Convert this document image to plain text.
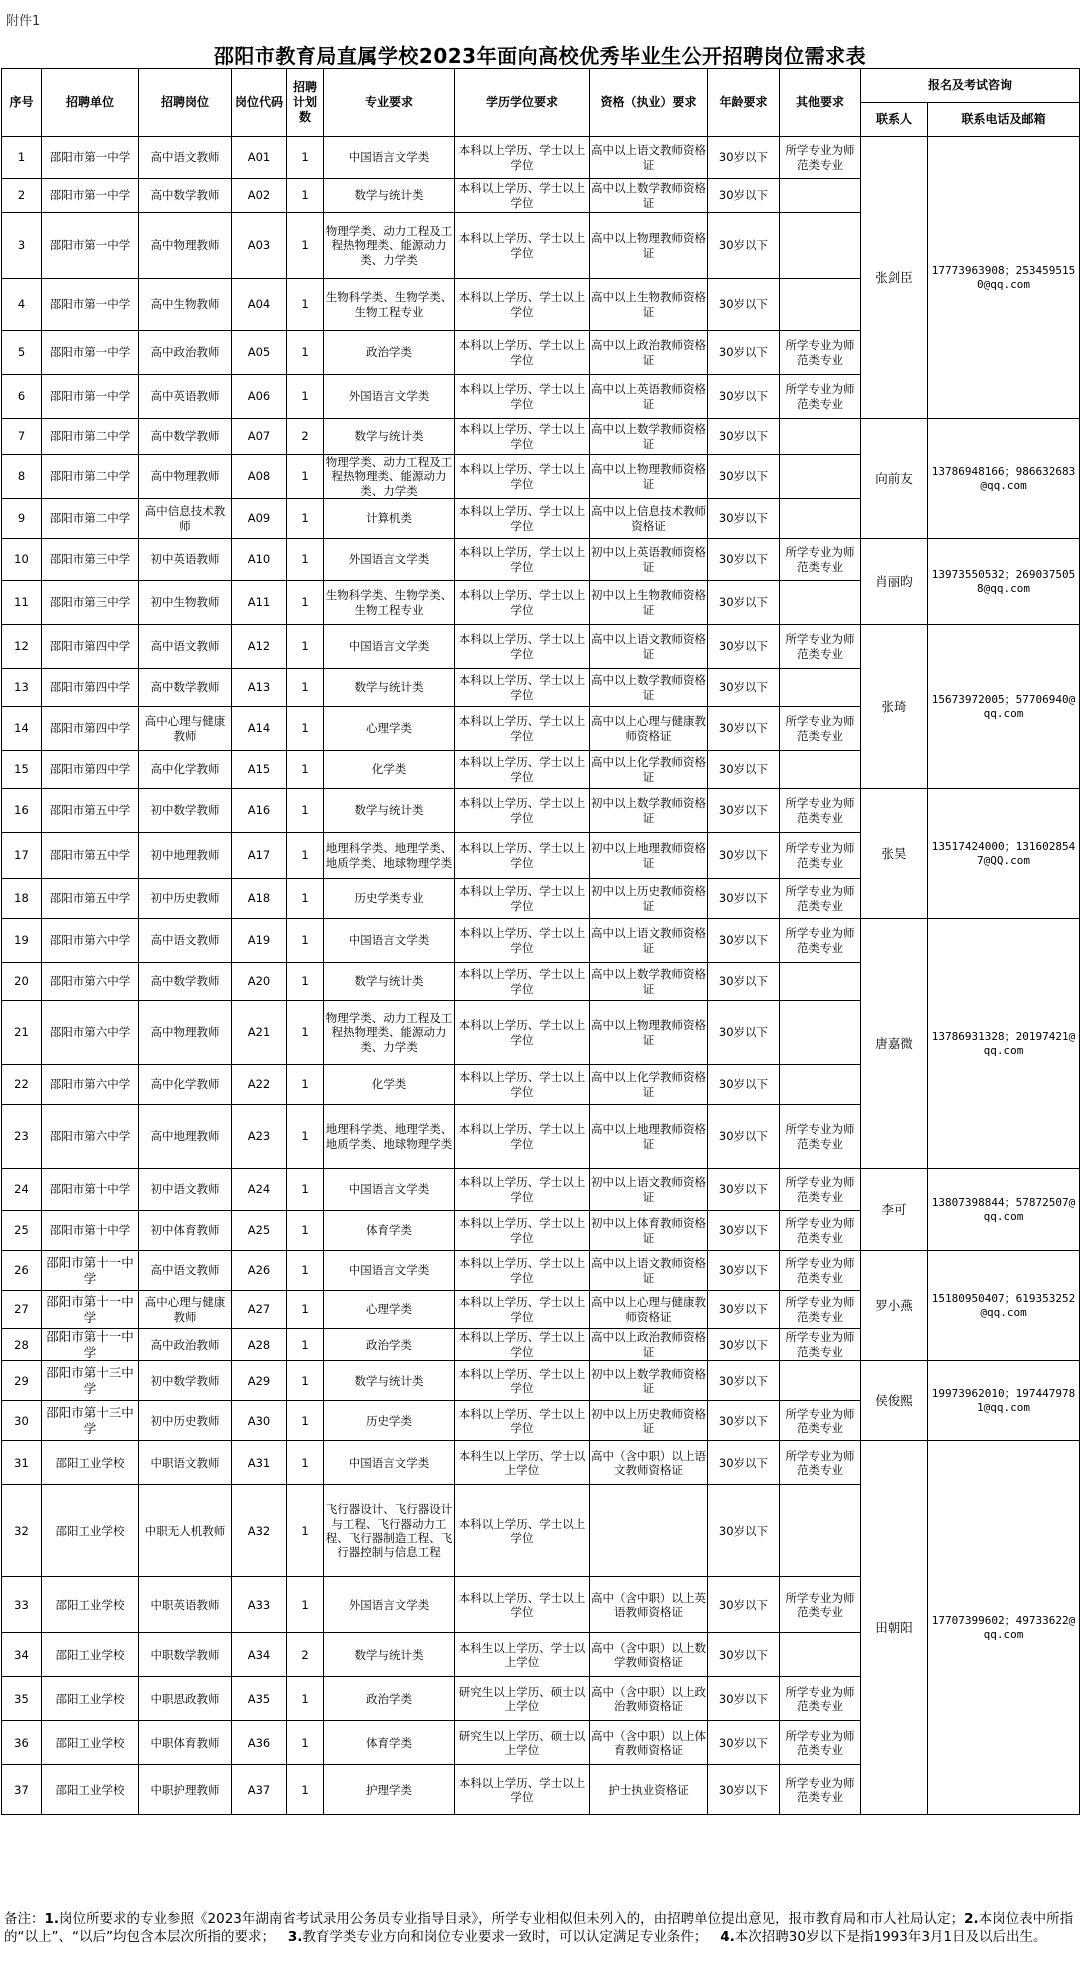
附件1
邵阳市教育局直属学校2023年面向高校优秀毕业生公开招聘岗位需求表
序号	招聘单位	招聘岗位	岗位代码	招聘计划数	专业要求	学历学位要求	资格（执业）要求	年龄要求	其他要求	报名及考试咨询	
										联系人	联系电话及邮箱
1	邵阳市第一中学	高中语文教师	A01	1	中国语言文学类	本科以上学历、学士以上学位	高中以上语文教师资格证	30岁以下	所学专业为师范类专业	张剑臣	17773963908；2534595150@qq.com
2	邵阳市第一中学	高中数学教师	A02	1	数学与统计类	本科以上学历、学士以上学位	高中以上数学教师资格证	30岁以下			
3	邵阳市第一中学	高中物理教师	A03	1	物理学类、动力工程及工程热物理类、能源动力类、力学类	本科以上学历、学士以上学位	高中以上物理教师资格证	30岁以下			
4	邵阳市第一中学	高中生物教师	A04	1	生物科学类、生物学类、生物工程专业	本科以上学历、学士以上学位	高中以上生物教师资格证	30岁以下			
5	邵阳市第一中学	高中政治教师	A05	1	政治学类	本科以上学历、学士以上学位	高中以上政治教师资格证	30岁以下	所学专业为师范类专业		
6	邵阳市第一中学	高中英语教师	A06	1	外国语言文学类	本科以上学历、学士以上学位	高中以上英语教师资格证	30岁以下	所学专业为师范类专业		
7	邵阳市第二中学	高中数学教师	A07	2	数学与统计类	本科以上学历、学士以上学位	高中以上数学教师资格证	30岁以下		向前友	13786948166；986632683@qq.com
8	邵阳市第二中学	高中物理教师	A08	1	物理学类、动力工程及工程热物理类、能源动力类、力学类	本科以上学历、学士以上学位	高中以上物理教师资格证	30岁以下			
9	邵阳市第二中学	高中信息技术教师	A09	1	计算机类	本科以上学历、学士以上学位	高中以上信息技术教师资格证	30岁以下			
10	邵阳市第三中学	初中英语教师	A10	1	外国语言文学类	本科以上学历，学士以上学位	初中以上英语教师资格证	30岁以下	所学专业为师范类专业	肖丽昀	13973550532；2690375058@qq.com
11	邵阳市第三中学	初中生物教师	A11	1	生物科学类、生物学类、生物工程专业	本科以上学历、学士以上学位	初中以上生物教师资格证	30岁以下			
12	邵阳市第四中学	高中语文教师	A12	1	中国语言文学类	本科以上学历、学士以上学位	高中以上语文教师资格证	30岁以下	所学专业为师范类专业	张琦	15673972005；57706940@qq.com
13	邵阳市第四中学	高中数学教师	A13	1	数学与统计类	本科以上学历、学士以上学位	高中以上数学教师资格证	30岁以下			
14	邵阳市第四中学	高中心理与健康教师	A14	1	心理学类	本科以上学历、学士以上学位	高中以上心理与健康教师资格证	30岁以下	所学专业为师范类专业		
15	邵阳市第四中学	高中化学教师	A15	1	化学类	本科以上学历、学士以上学位	高中以上化学教师资格证	30岁以下			
16	邵阳市第五中学	初中数学教师	A16	1	数学与统计类	本科以上学历、学士以上学位	初中以上数学教师资格证	30岁以下	所学专业为师范类专业	张昊	13517424000；1316028547@QQ.com
17	邵阳市第五中学	初中地理教师	A17	1	地理科学类、地理学类、地质学类、地球物理学类	本科以上学历、学士以上学位	初中以上地理教师资格证	30岁以下	所学专业为师范类专业		
18	邵阳市第五中学	初中历史教师	A18	1	历史学类专业	本科以上学历、学士以上学位	初中以上历史教师资格证	30岁以下	所学专业为师范类专业		
19	邵阳市第六中学	高中语文教师	A19	1	中国语言文学类	本科以上学历、学士以上学位	高中以上语文教师资格证	30岁以下	所学专业为师范类专业	唐嘉微	13786931328；20197421@qq.com
20	邵阳市第六中学	高中数学教师	A20	1	数学与统计类	本科以上学历、学士以上学位	高中以上数学教师资格证	30岁以下			
21	邵阳市第六中学	高中物理教师	A21	1	物理学类、动力工程及工程热物理类、能源动力类、力学类	本科以上学历、学士以上学位	高中以上物理教师资格证	30岁以下			
22	邵阳市第六中学	高中化学教师	A22	1	化学类	本科以上学历、学士以上学位	高中以上化学教师资格证	30岁以下			
23	邵阳市第六中学	高中地理教师	A23	1	地理科学类、地理学类、地质学类、地球物理学类	本科以上学历、学士以上学位	高中以上地理教师资格证	30岁以下	所学专业为师范类专业		
24	邵阳市第十中学	初中语文教师	A24	1	中国语言文学类	本科以上学历、学士以上学位	初中以上语文教师资格证	30岁以下	所学专业为师范类专业	李可	13807398844；57872507@qq.com
25	邵阳市第十中学	初中体育教师	A25	1	体育学类	本科以上学历、学士以上学位	初中以上体育教师资格证	30岁以下	所学专业为师范类专业		
26	邵阳市第十一中学	高中语文教师	A26	1	中国语言文学类	本科以上学历、学士以上学位	高中以上语文教师资格证	30岁以下	所学专业为师范类专业	罗小燕	15180950407；619353252@qq.com
27	邵阳市第十一中学	高中心理与健康教师	A27	1	心理学类	本科以上学历、学士以上学位	高中以上心理与健康教师资格证	30岁以下	所学专业为师范类专业		
28	邵阳市第十一中学	高中政治教师	A28	1	政治学类	本科以上学历、学士以上学位	高中以上政治教师资格证	30岁以下	所学专业为师范类专业		
29	邵阳市第十三中学	初中数学教师	A29	1	数学与统计类	本科以上学历、学士以上学位	初中以上数学教师资格证	30岁以下		侯俊熙	19973962010；1974479781@qq.com
30	邵阳市第十三中学	初中历史教师	A30	1	历史学类	本科以上学历、学士以上学位	初中以上历史教师资格证	30岁以下	所学专业为师范类专业		
31	邵阳工业学校	中职语文教师	A31	1	中国语言文学类	本科生以上学历、学士以上学位	高中（含中职）以上语文教师资格证	30岁以下	所学专业为师范类专业	田朝阳	17707399602；49733622@qq.com
32	邵阳工业学校	中职无人机教师	A32	1	飞行器设计、飞行器设计与工程、飞行器动力工程、飞行器制造工程、飞行器控制与信息工程	本科以上学历、学士以上学位		30岁以下			
33	邵阳工业学校	中职英语教师	A33	1	外国语言文学类	本科以上学历、学士以上学位	高中（含中职）以上英语教师资格证	30岁以下	所学专业为师范类专业		
34	邵阳工业学校	中职数学教师	A34	2	数学与统计类	本科生以上学历、学士以上学位	高中（含中职）以上数学教师资格证	30岁以下			
35	邵阳工业学校	中职思政教师	A35	1	政治学类	研究生以上学历、硕士以上学位	高中（含中职）以上政治教师资格证	30岁以下	所学专业为师范类专业		
36	邵阳工业学校	中职体育教师	A36	1	体育学类	研究生以上学历、硕士以上学位	高中（含中职）以上体育教师资格证	30岁以下	所学专业为师范类专业		
37	邵阳工业学校	中职护理教师	A37	1	护理学类	本科以上学历、学士以上学位	护士执业资格证	30岁以下	所学专业为师范类专业		
备注：1.岗位所要求的专业参照《2023年湖南省考试录用公务员专业指导目录》，所学专业相似但未列入的，由招聘单位提出意见，报市教育局和市人社局认定；2.本岗位表中所指的“以上”、“以后”均包含本层次所指的要求； 3.教育学类专业方向和岗位专业要求一致时，可以认定满足专业条件； 4.本次招聘30岁以下是指1993年3月1日及以后出生。
